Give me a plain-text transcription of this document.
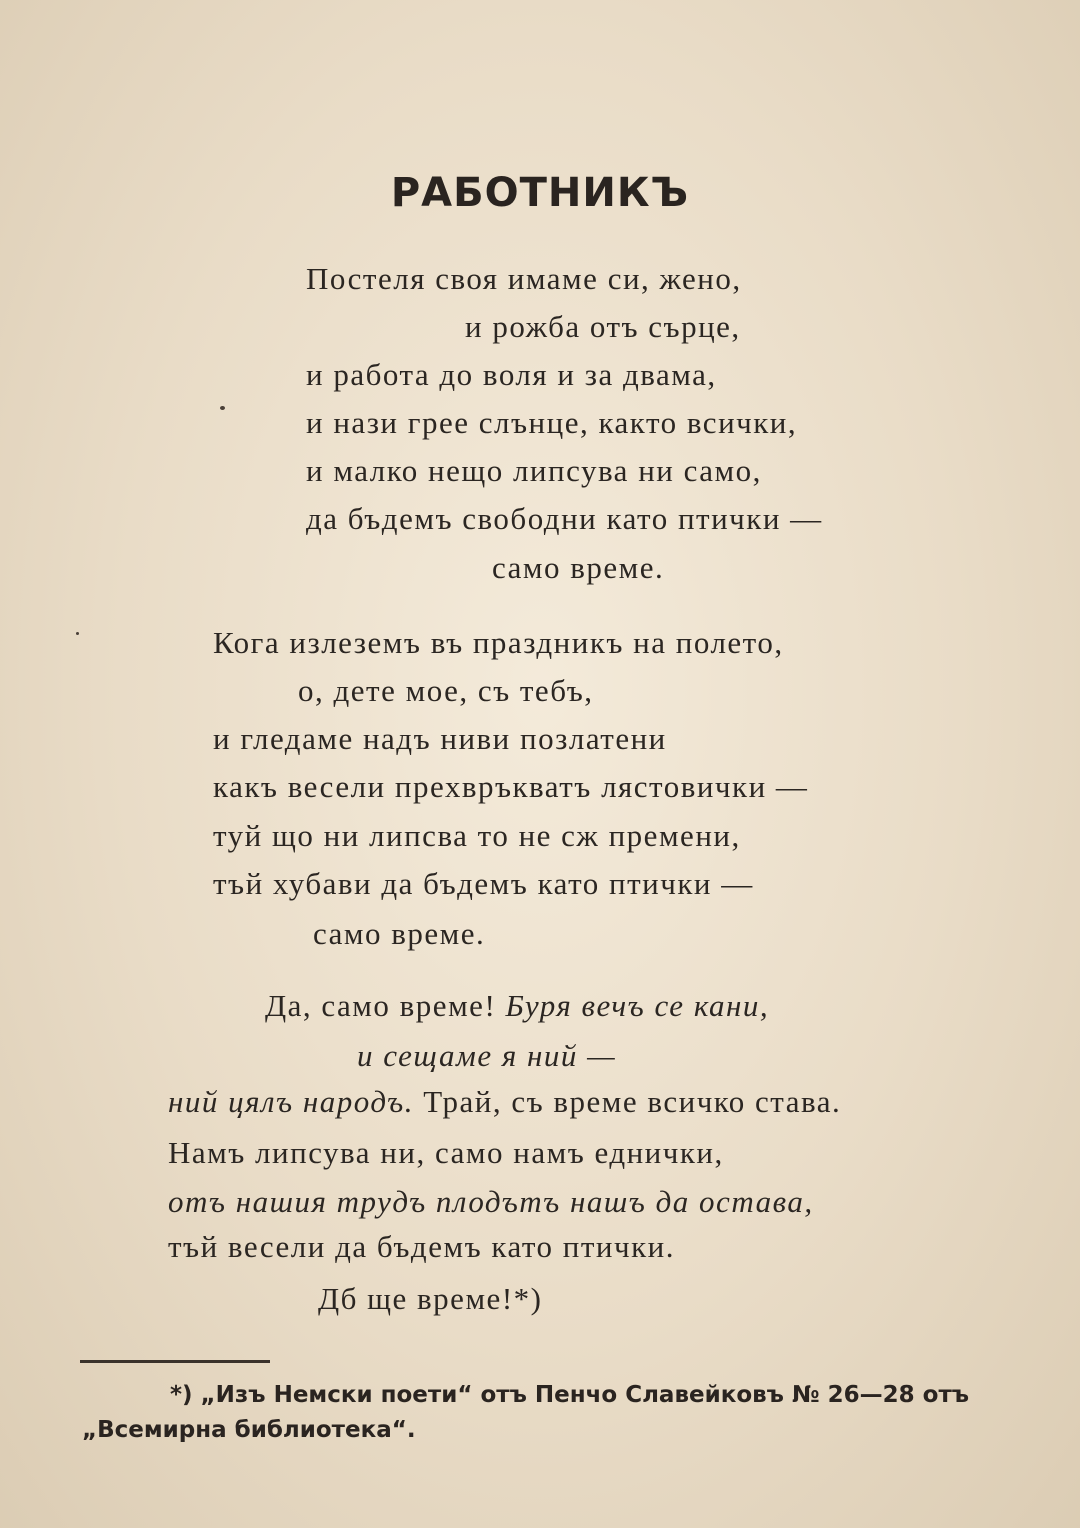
РАБОТНИКЪ
Постеля своя имаме си, жено,
и рожба отъ сърце,
и работа до воля и за двама,
и нази грее слънце, както всички,
и малко нещо липсува ни само,
да бъдемъ свободни като птички —
само време.
Кога излеземъ въ праздникъ на полето,
о, дете мое, съ тебъ,
и гледаме надъ ниви позлатени
какъ весели прехвръкватъ лястовички —
туй що ни липсва то не сж премени,
тъй хубави да бъдемъ като птички —
само време.
Да, само време! Буря вечъ се кани,
и сещаме я ний —
ний цялъ народъ. Трай, съ време всичко става.
Намъ липсува ни, само намъ еднички,
отъ нашия трудъ плодътъ нашъ да остава,
тъй весели да бъдемъ като птички.
Дб ще време!*)
*) „Изъ Немски поети“ отъ Пенчо Славейковъ № 26—28 отъ
„Всемирна библиотека“.
